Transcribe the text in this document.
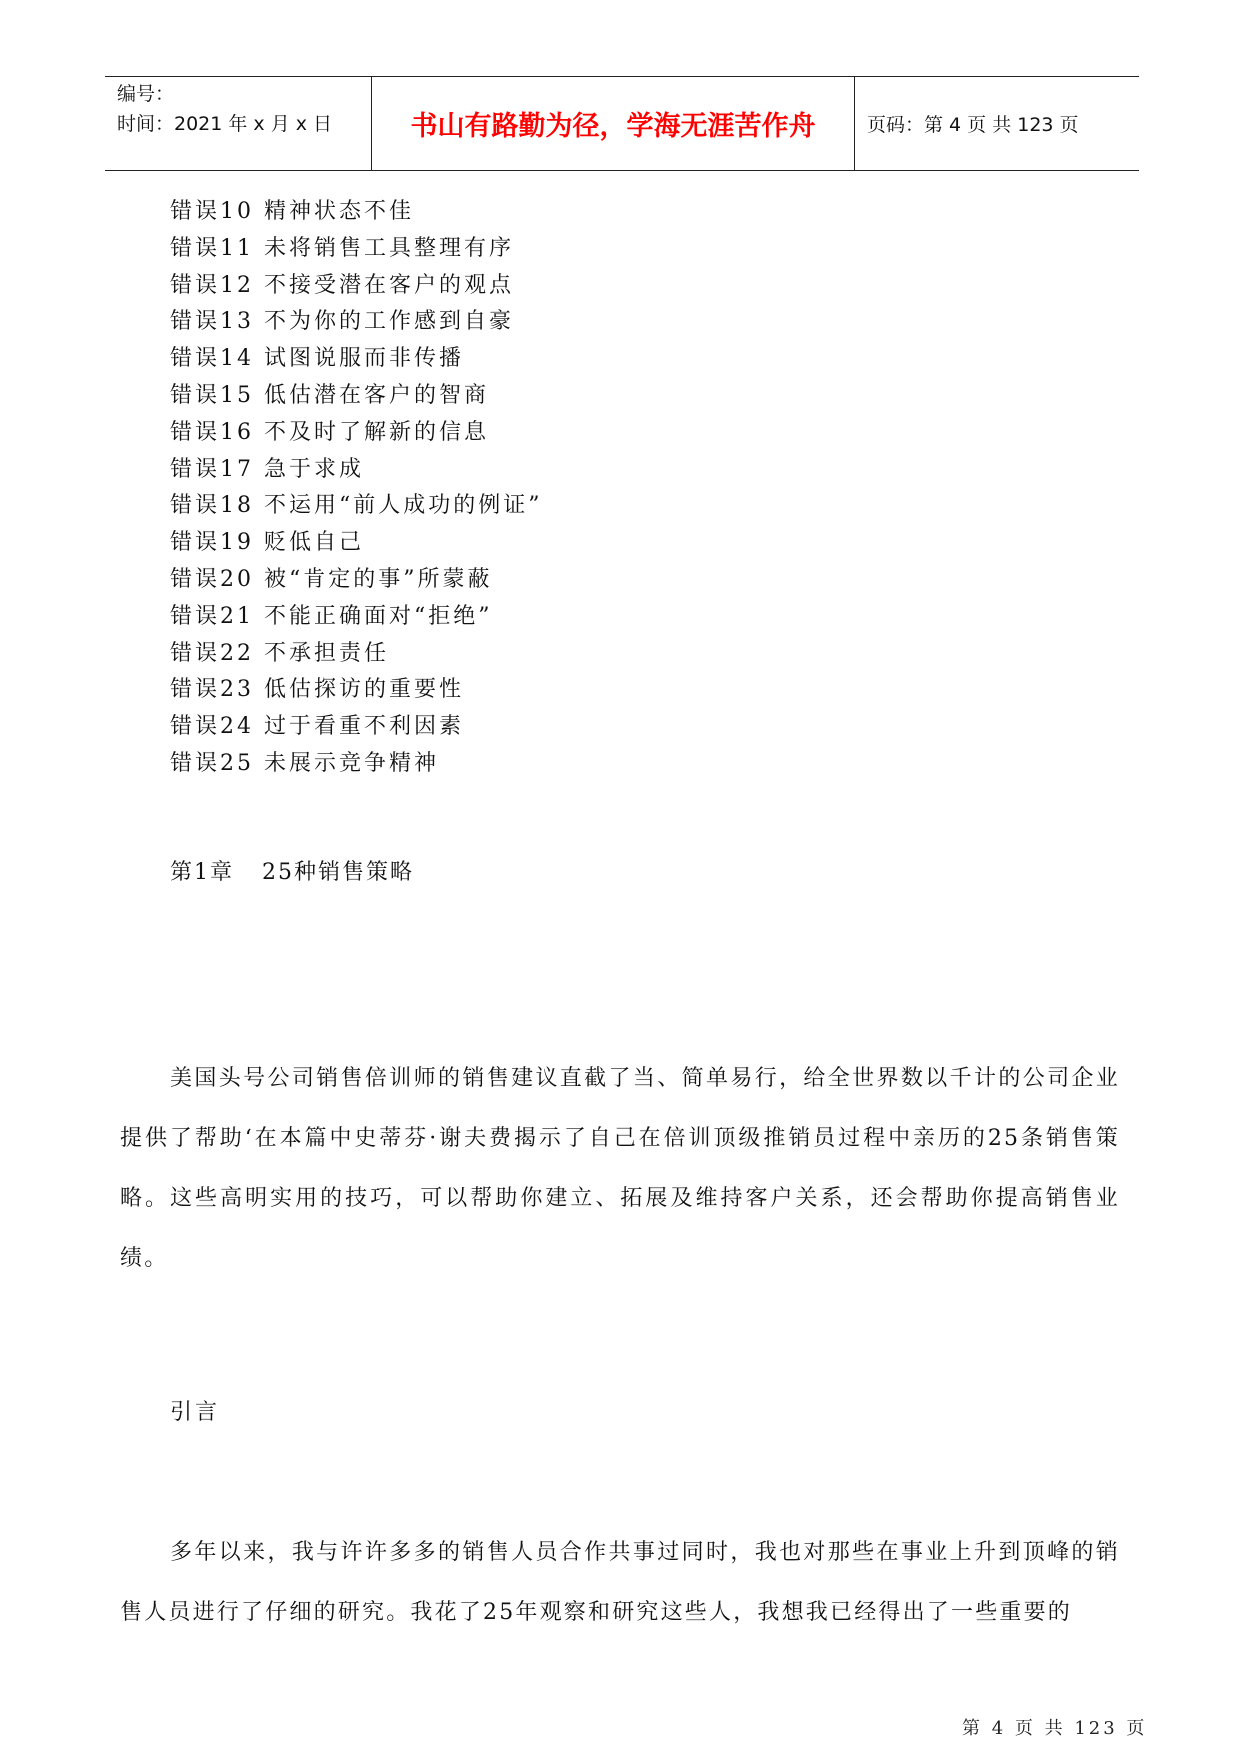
编号：
时间：2021 年 x 月 x 日	书山有路勤为径，学海无涯苦作舟	页码：第 4 页 共 123 页
错误10 精神状态不佳
错误11 未将销售工具整理有序
错误12 不接受潜在客户的观点
错误13 不为你的工作感到自豪
错误14 试图说服而非传播
错误15 低估潜在客户的智商
错误16 不及时了解新的信息
错误17 急于求成
错误18 不运用“前人成功的例证”
错误19 贬低自己
错误20 被“肯定的事”所蒙蔽
错误21 不能正确面对“拒绝”
错误22 不承担责任
错误23 低估探访的重要性
错误24 过于看重不利因素
错误25 未展示竞争精神
第1章 25种销售策略

美国头号公司销售倍训师的销售建议直截了当、简单易行，给全世界数以千计的公司企业提供了帮助‘在本篇中史蒂芬·谢夫费揭示了自己在倍训顶级推销员过程中亲历的25条销售策略。这些高明实用的技巧，可以帮助你建立、拓展及维持客户关系，还会帮助你提高销售业绩。

引言

多年以来，我与许许多多的销售人员合作共事过同时，我也对那些在事业上升到顶峰的销售人员进行了仔细的研究。我花了25年观察和研究这些人，我想我已经得出了一些重要的

第 4 页 共 123 页
